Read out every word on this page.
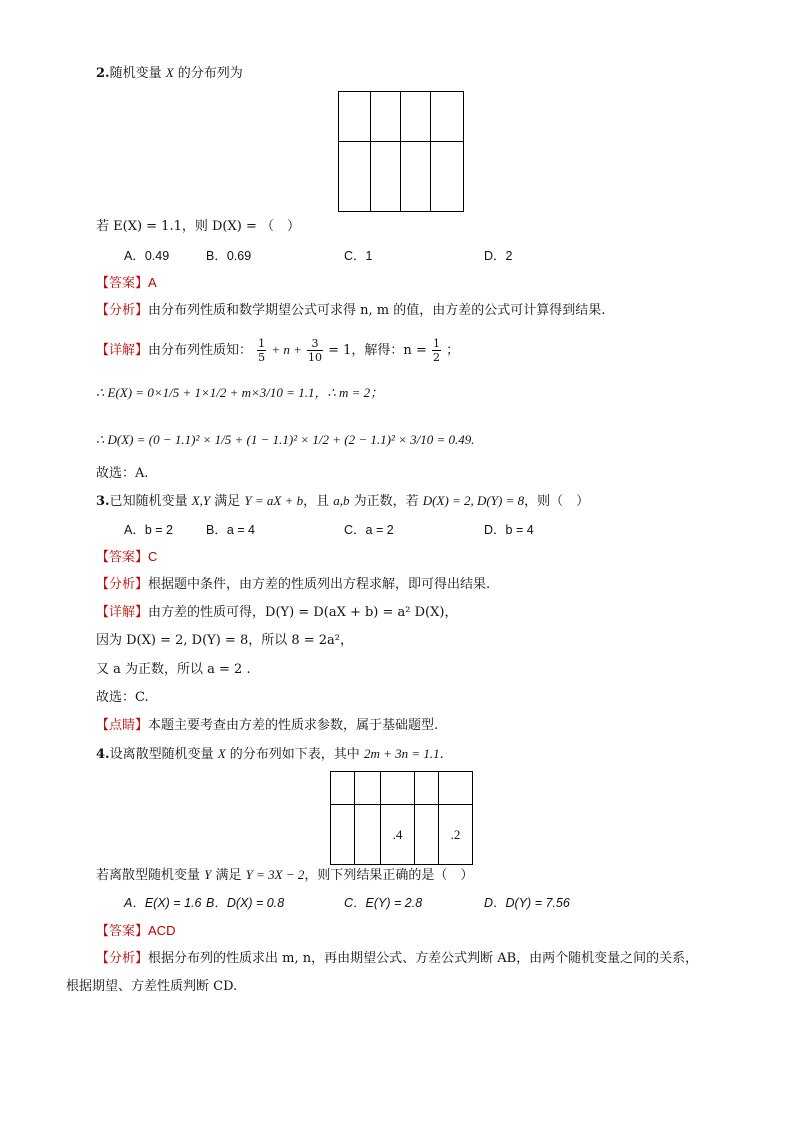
2.随机变量 X 的分布列为

若 E(X) = 1.1，则 D(X) = （　）
A．0.49	B．0.69	C．1	D．2
【答案】A
【分析】由分布列性质和数学期望公式可求得 n, m 的值，由方差的公式可计算得到结果.
【详解】由分布列性质知： $\frac{1}{5} + n + \frac{3}{10} = 1$，解得：$n = \frac{1}{2}$ ；
∴ E(X) = 0×1/5 + 1×1/2 + m×3/10 = 1.1，∴ m = 2；
∴ D(X) = (0 − 1.1)² × 1/5 + (1 − 1.1)² × 1/2 + (2 − 1.1)² × 3/10 = 0.49.
故选：A.
3.已知随机变量 X,Y 满足 Y = aX + b，且 a,b 为正数，若 D(X) = 2, D(Y) = 8，则（　）
A．b = 2	B．a = 4	C．a = 2	D．b = 4
【答案】C
【分析】根据题中条件，由方差的性质列出方程求解，即可得出结果.
【详解】由方差的性质可得，D(Y) = D(aX + b) = a² D(X)，
因为 D(X) = 2, D(Y) = 8，所以 8 = 2a²，
又 a 为正数，所以 a = 2 .
故选：C.
【点睛】本题主要考查由方差的性质求参数，属于基础题型.
4.设离散型随机变量 X 的分布列如下表，其中 2m + 3n = 1.1.

		.4		.2
若离散型随机变量 Y 满足 Y = 3X − 2，则下列结果正确的是（　）
A．E(X) = 1.6 B．D(X) = 0.8	C．E(Y) = 2.8	D．D(Y) = 7.56
【答案】ACD
【分析】根据分布列的性质求出 m, n，再由期望公式、方差公式判断 AB，由两个随机变量之间的关系，
根据期望、方差性质判断 CD.
